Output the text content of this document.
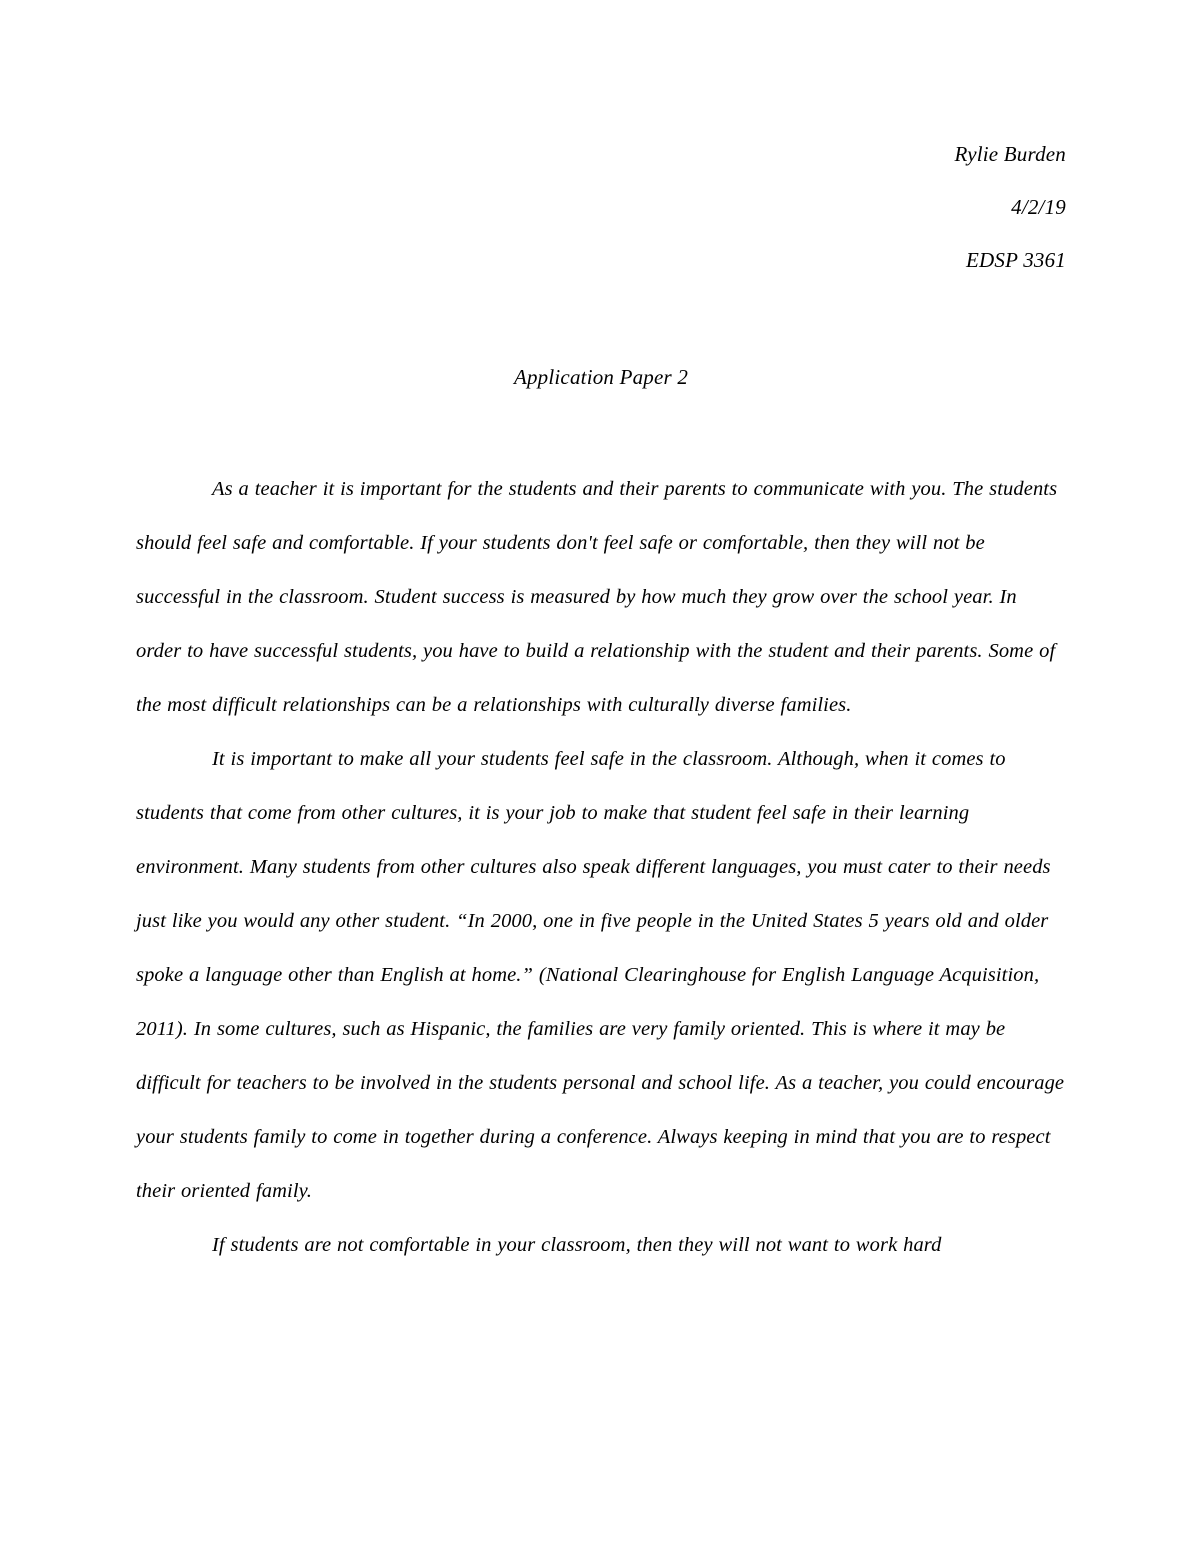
Rylie Burden
4/2/19
EDSP 3361
Application Paper 2

As a teacher it is important for the students and their parents to communicate with you. The students should feel safe and comfortable. If your students don't feel safe or comfortable, then they will not be successful in the classroom. Student success is measured by how much they grow over the school year. In order to have successful students, you have to build a relationship with the student and their parents. Some of the most difficult relationships can be a relationships with culturally diverse families.

It is important to make all your students feel safe in the classroom. Although, when it comes to students that come from other cultures, it is your job to make that student feel safe in their learning environment. Many students from other cultures also speak different languages, you must cater to their needs just like you would any other student. “In 2000, one in five people in the United States 5 years old and older spoke a language other than English at home.” (National Clearinghouse for English Language Acquisition, 2011). In some cultures, such as Hispanic, the families are very family oriented. This is where it may be difficult for teachers to be involved in the students personal and school life. As a teacher, you could encourage your students family to come in together during a conference. Always keeping in mind that you are to respect their oriented family.

If students are not comfortable in your classroom, then they will not want to work hard
